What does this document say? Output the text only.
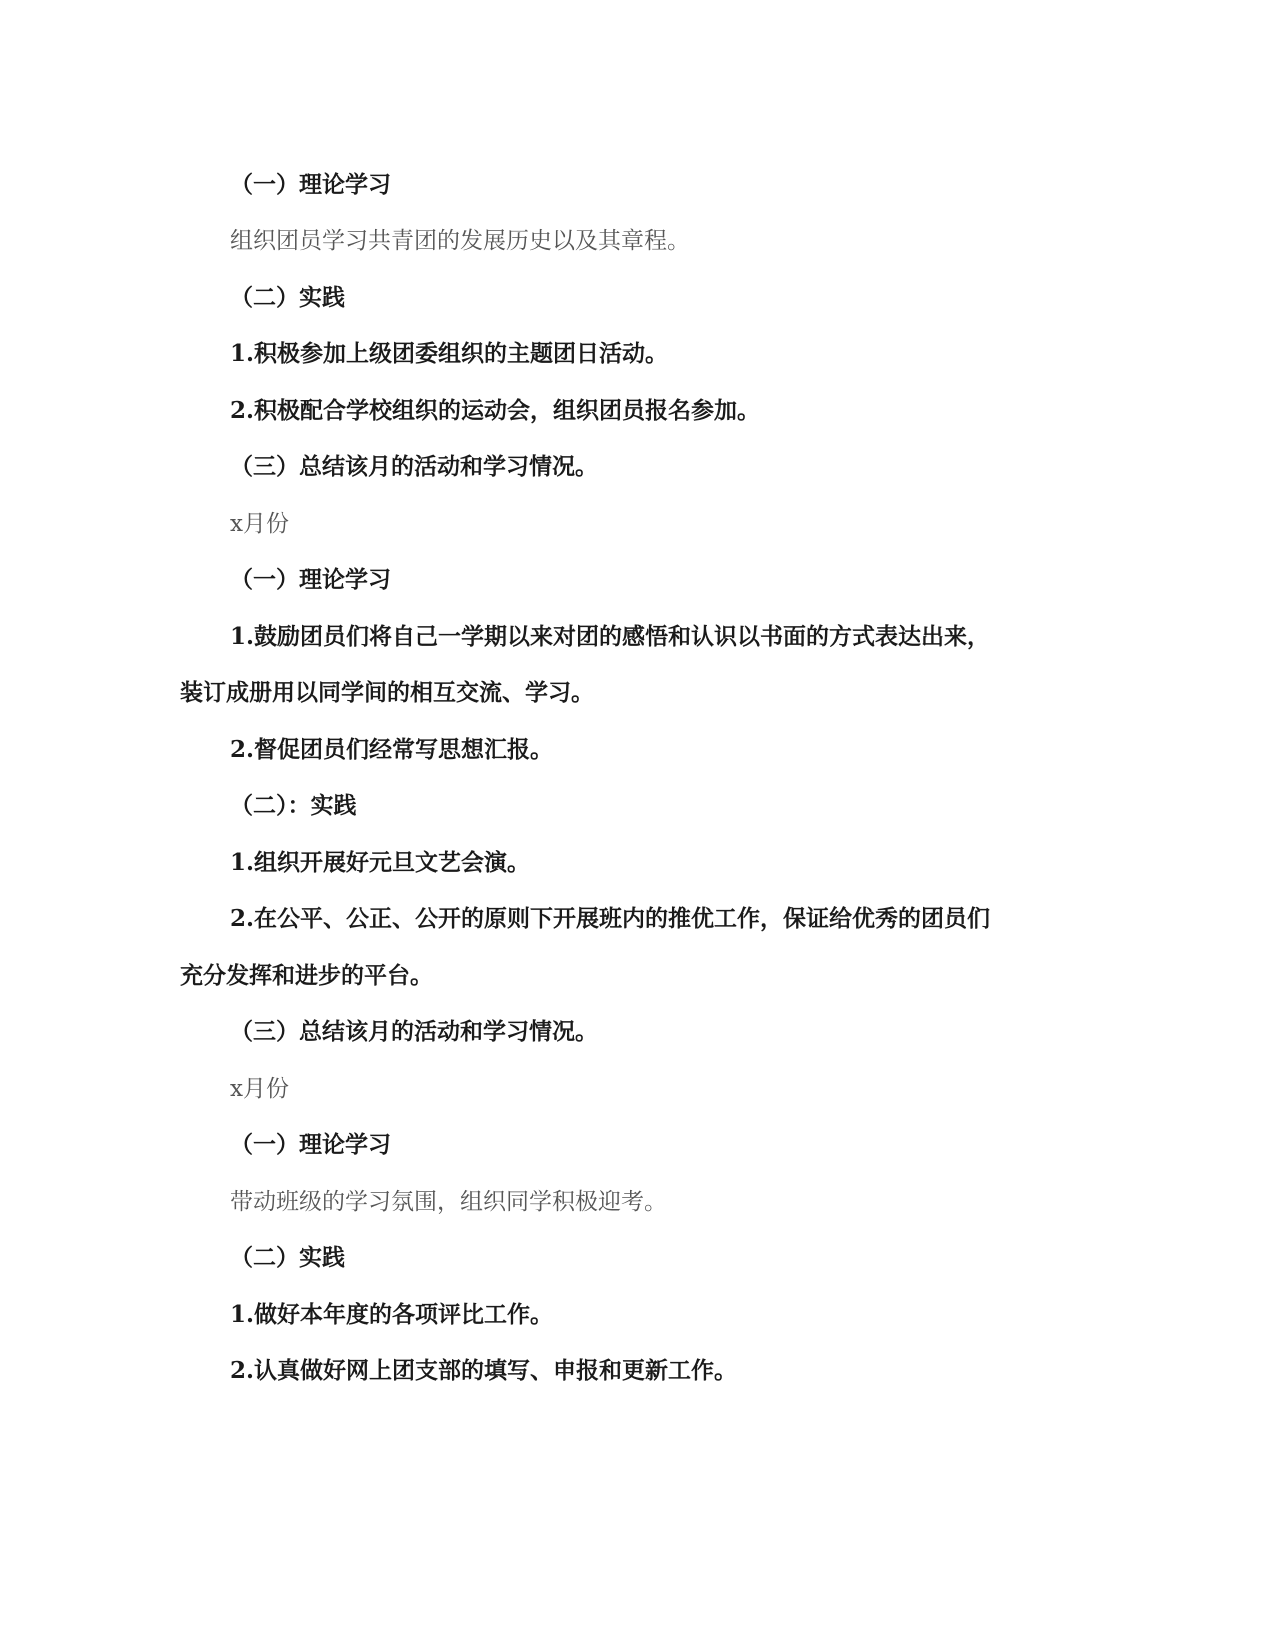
（一）理论学习
组织团员学习共青团的发展历史以及其章程。
（二）实践
1.积极参加上级团委组织的主题团日活动。
2.积极配合学校组织的运动会，组织团员报名参加。
（三）总结该月的活动和学习情况。
x月份
（一）理论学习
1.鼓励团员们将自己一学期以来对团的感悟和认识以书面的方式表达出来，
装订成册用以同学间的相互交流、学习。
2.督促团员们经常写思想汇报。
（二）：实践
1.组织开展好元旦文艺会演。
2.在公平、公正、公开的原则下开展班内的推优工作，保证给优秀的团员们
充分发挥和进步的平台。
（三）总结该月的活动和学习情况。
x月份
（一）理论学习
带动班级的学习氛围，组织同学积极迎考。
（二）实践
1.做好本年度的各项评比工作。
2.认真做好网上团支部的填写、申报和更新工作。
